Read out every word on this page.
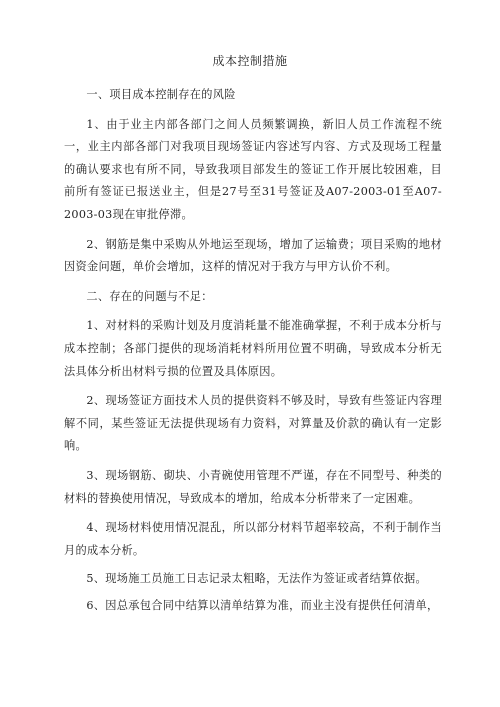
成本控制措施

一、项目成本控制存在的风险

1、由于业主内部各部门之间人员频繁调换，新旧人员工作流程不统一，业主内部各部门对我项目现场签证内容述写内容、方式及现场工程量的确认要求也有所不同，导致我项目部发生的签证工作开展比较困难，目前所有签证已报送业主，但是27号至31号签证及A07-2003-01至A07-2003-03现在审批停滞。

2、钢筋是集中采购从外地运至现场，增加了运输费；项目采购的地材因资金问题，单价会增加，这样的情况对于我方与甲方认价不利。

二、存在的问题与不足：

1、对材料的采购计划及月度消耗量不能准确掌握，不利于成本分析与成本控制；各部门提供的现场消耗材料所用位置不明确，导致成本分析无法具体分析出材料亏损的位置及具体原因。

2、现场签证方面技术人员的提供资料不够及时，导致有些签证内容理解不同，某些签证无法提供现场有力资料，对算量及价款的确认有一定影响。

3、现场钢筋、砌块、小青碗使用管理不严谨，存在不同型号、种类的材料的替换使用情况，导致成本的增加，给成本分析带来了一定困难。

4、现场材料使用情况混乱，所以部分材料节超率较高，不利于制作当月的成本分析。

5、现场施工员施工日志记录太粗略，无法作为签证或者结算依据。

6、因总承包合同中结算以清单结算为准，而业主没有提供任何清单，
